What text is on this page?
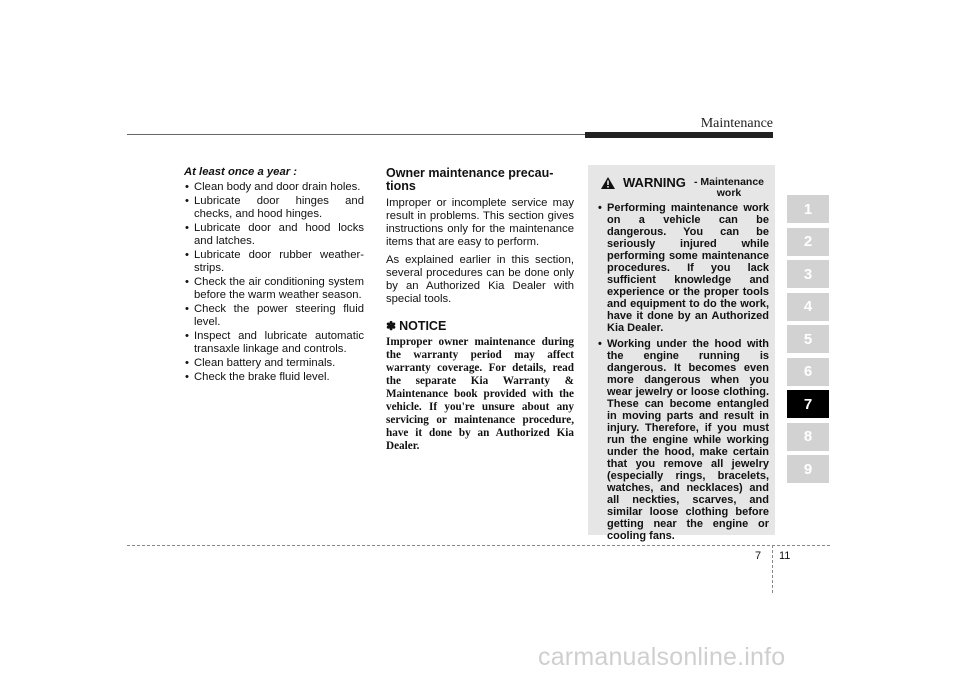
Maintenance
At least once a year :
• Clean body and door drain holes.
• Lubricate door hinges and checks, and hood hinges.
• Lubricate door and hood locks and latches.
• Lubricate door rubber weather-strips.
• Check the air conditioning system before the warm weather season.
• Check the power steering fluid level.
• Inspect and lubricate automatic transaxle linkage and controls.
• Clean battery and terminals.
• Check the brake fluid level.
Owner maintenance precau-tions

Improper or incomplete service may result in problems. This section gives instructions only for the maintenance items that are easy to perform.

As explained earlier in this section, several procedures can be done only by an Authorized Kia Dealer with special tools.

✽ NOTICE
Improper owner maintenance during the warranty period may affect warranty coverage. For details, read the separate Kia Warranty & Maintenance book provided with the vehicle. If you're unsure about any servicing or maintenance procedure, have it done by an Authorized Kia Dealer.
WARNING - Maintenance work
• Performing maintenance work on a vehicle can be dangerous. You can be seriously injured while performing some maintenance procedures. If you lack sufficient knowledge and experience or the proper tools and equipment to do the work, have it done by an Authorized Kia Dealer.
• Working under the hood with the engine running is dangerous. It becomes even more dangerous when you wear jewelry or loose clothing. These can become entangled in moving parts and result in injury. Therefore, if you must run the engine while working under the hood, make certain that you remove all jewelry (especially rings, bracelets, watches, and necklaces) and all neckties, scarves, and similar loose clothing before getting near the engine or cooling fans.
1
2
3
4
5
6
7
8
9
7 11
carmanualsonline.info
